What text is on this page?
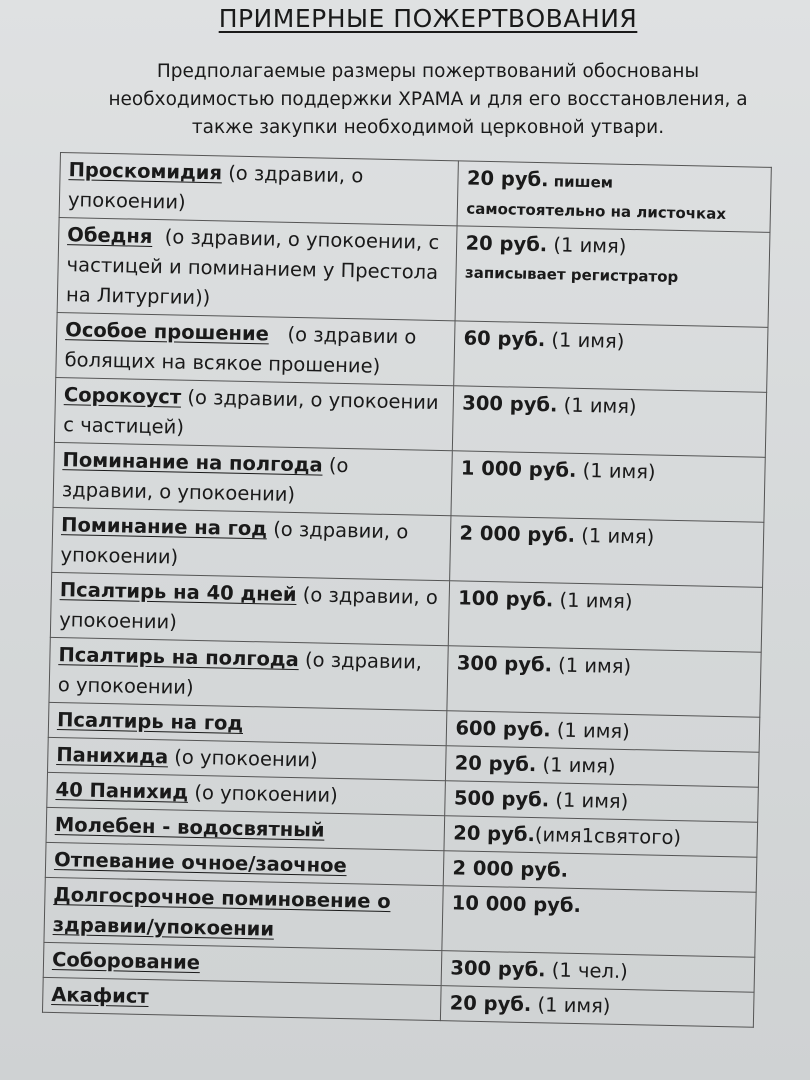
ПРИМЕРНЫЕ ПОЖЕРТВОВАНИЯ
Предполагаемые размеры пожертвований обоснованы
необходимостью поддержки ХРАМА и для его восстановления, а
также закупки необходимой церковной утвари.
Проскомидия (о здравии, о упокоении)	20 руб. пишем
самостоятельно на листочках

Обедня  (о здравии, о упокоении, с частицей и поминанием у Престола на Литургии))	20 руб. (1 имя)
записывает регистратор

Особое прошение   (о здравии о болящих на всякое прошение)	60 руб. (1 имя)
Сорокоуст (о здравии, о упокоении с частицей)	300 руб. (1 имя)
Поминание на полгода (о здравии, о упокоении)	1 000 руб. (1 имя)
Поминание на год (о здравии, о упокоении)	2 000 руб. (1 имя)
Псалтирь на 40 дней (о здравии, о упокоении)	100 руб. (1 имя)
Псалтирь на полгода (о здравии, о упокоении)	300 руб. (1 имя)
Псалтирь на год	600 руб. (1 имя)
Панихида (о упокоении)	20 руб. (1 имя)
40 Панихид (о упокоении)	500 руб. (1 имя)
Молебен - водосвятный	20 руб.(имя1святого)
Отпевание очное/заочное	2 000 руб.
Долгосрочное поминовение о здравии/упокоении	10 000 руб.
Соборование	300 руб. (1 чел.)
Акафист	20 руб. (1 имя)
